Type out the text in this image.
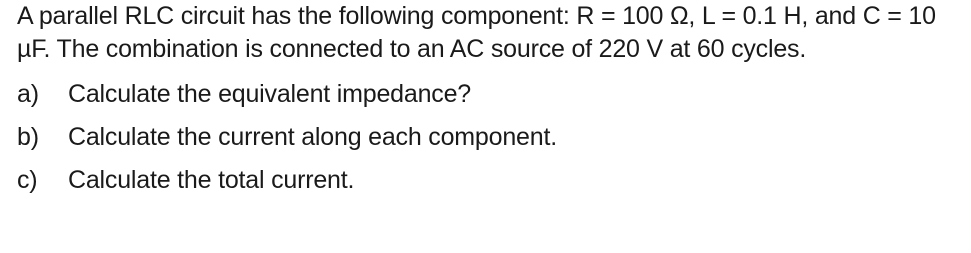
A parallel RLC circuit has the following component: R = 100 Ω, L = 0.1 H, and C = 10 µF. The combination is connected to an AC source of 220 V at 60 cycles.

a)	Calculate the equivalent impedance?
b)	Calculate the current along each component.
c)	Calculate the total current.
